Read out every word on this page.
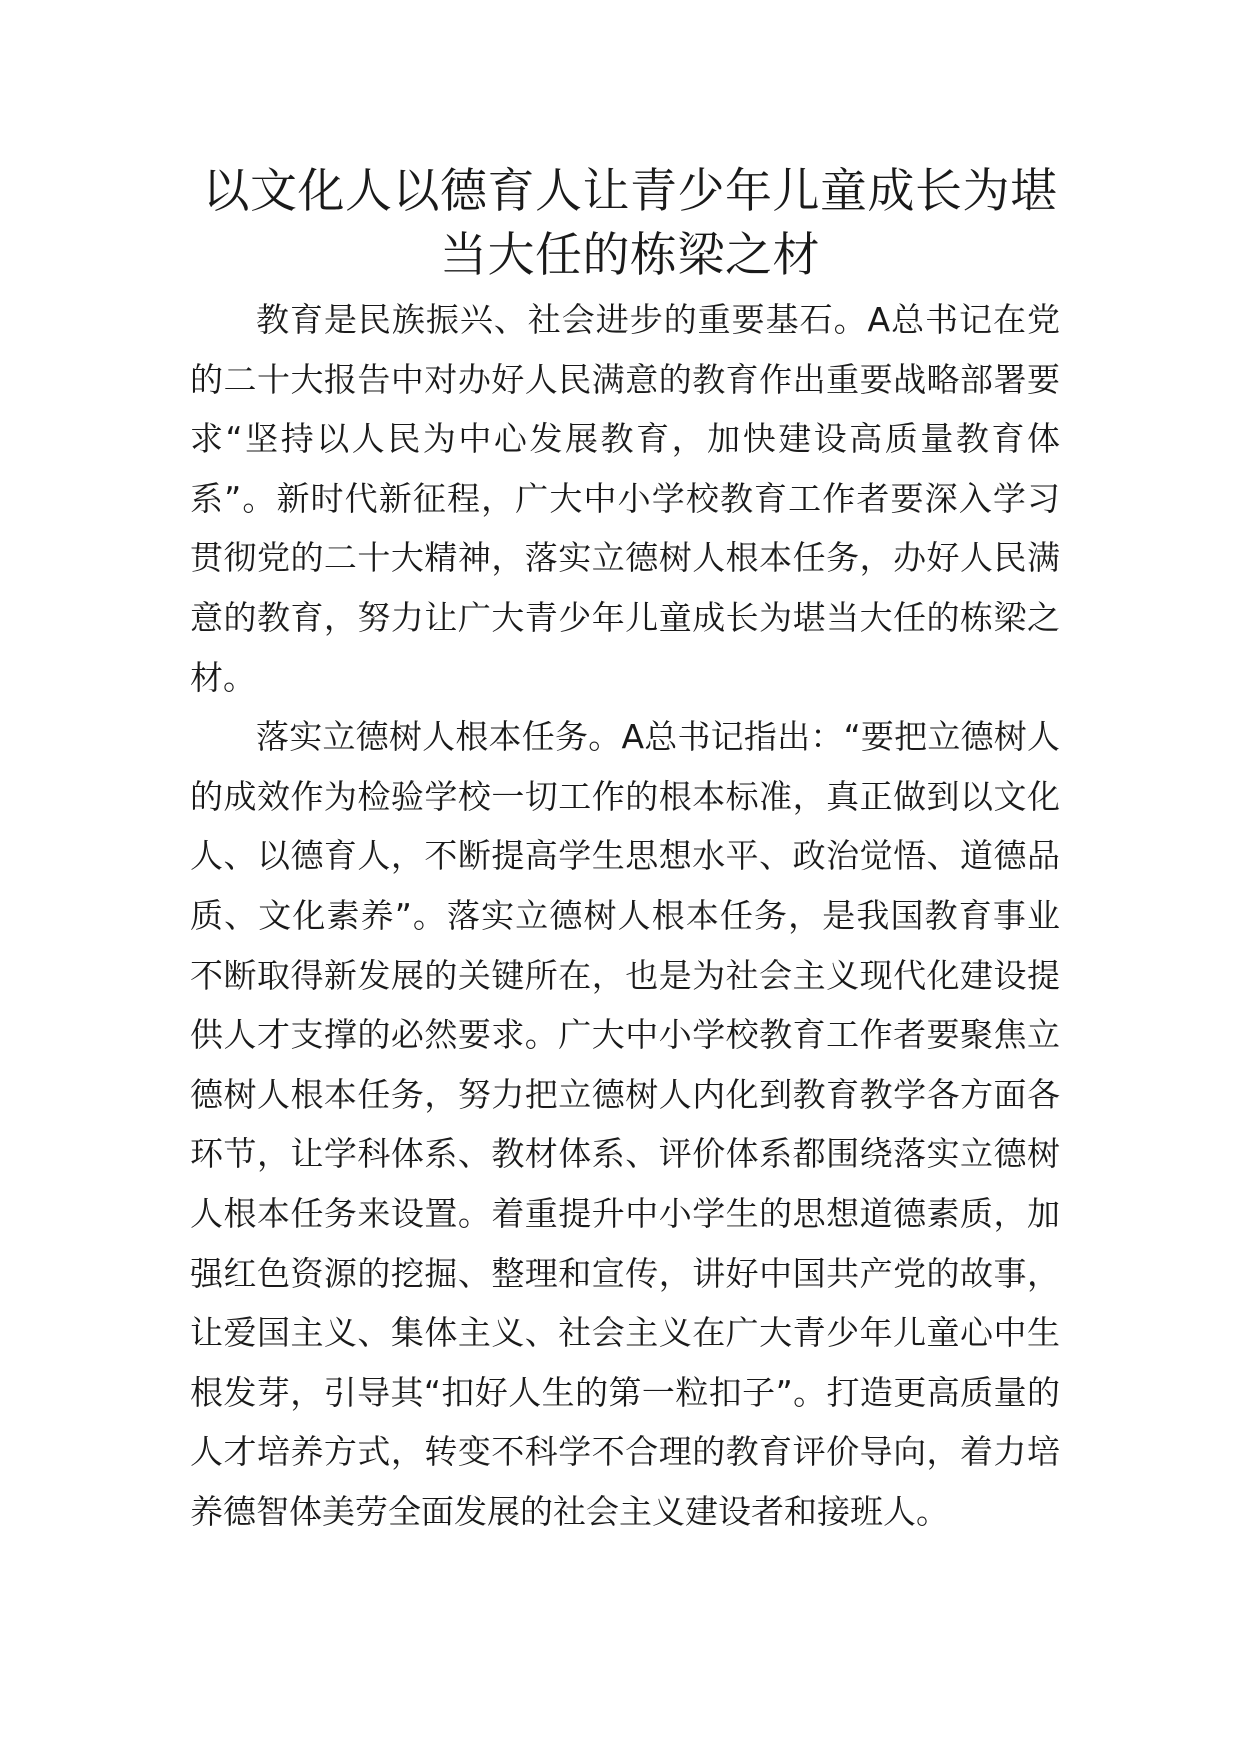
以文化人以德育人让青少年儿童成长为堪当大任的栋梁之材

教育是民族振兴、社会进步的重要基石。A总书记在党的二十大报告中对办好人民满意的教育作出重要战略部署要求“坚持以人民为中心发展教育，加快建设高质量教育体系”。新时代新征程，广大中小学校教育工作者要深入学习贯彻党的二十大精神，落实立德树人根本任务，办好人民满意的教育，努力让广大青少年儿童成长为堪当大任的栋梁之材。

落实立德树人根本任务。A总书记指出：“要把立德树人的成效作为检验学校一切工作的根本标准，真正做到以文化人、以德育人，不断提高学生思想水平、政治觉悟、道德品质、文化素养”。落实立德树人根本任务，是我国教育事业不断取得新发展的关键所在，也是为社会主义现代化建设提供人才支撑的必然要求。广大中小学校教育工作者要聚焦立德树人根本任务，努力把立德树人内化到教育教学各方面各环节，让学科体系、教材体系、评价体系都围绕落实立德树人根本任务来设置。着重提升中小学生的思想道德素质，加强红色资源的挖掘、整理和宣传，讲好中国共产党的故事，让爱国主义、集体主义、社会主义在广大青少年儿童心中生根发芽，引导其“扣好人生的第一粒扣子”。打造更高质量的人才培养方式，转变不科学不合理的教育评价导向，着力培养德智体美劳全面发展的社会主义建设者和接班人。
